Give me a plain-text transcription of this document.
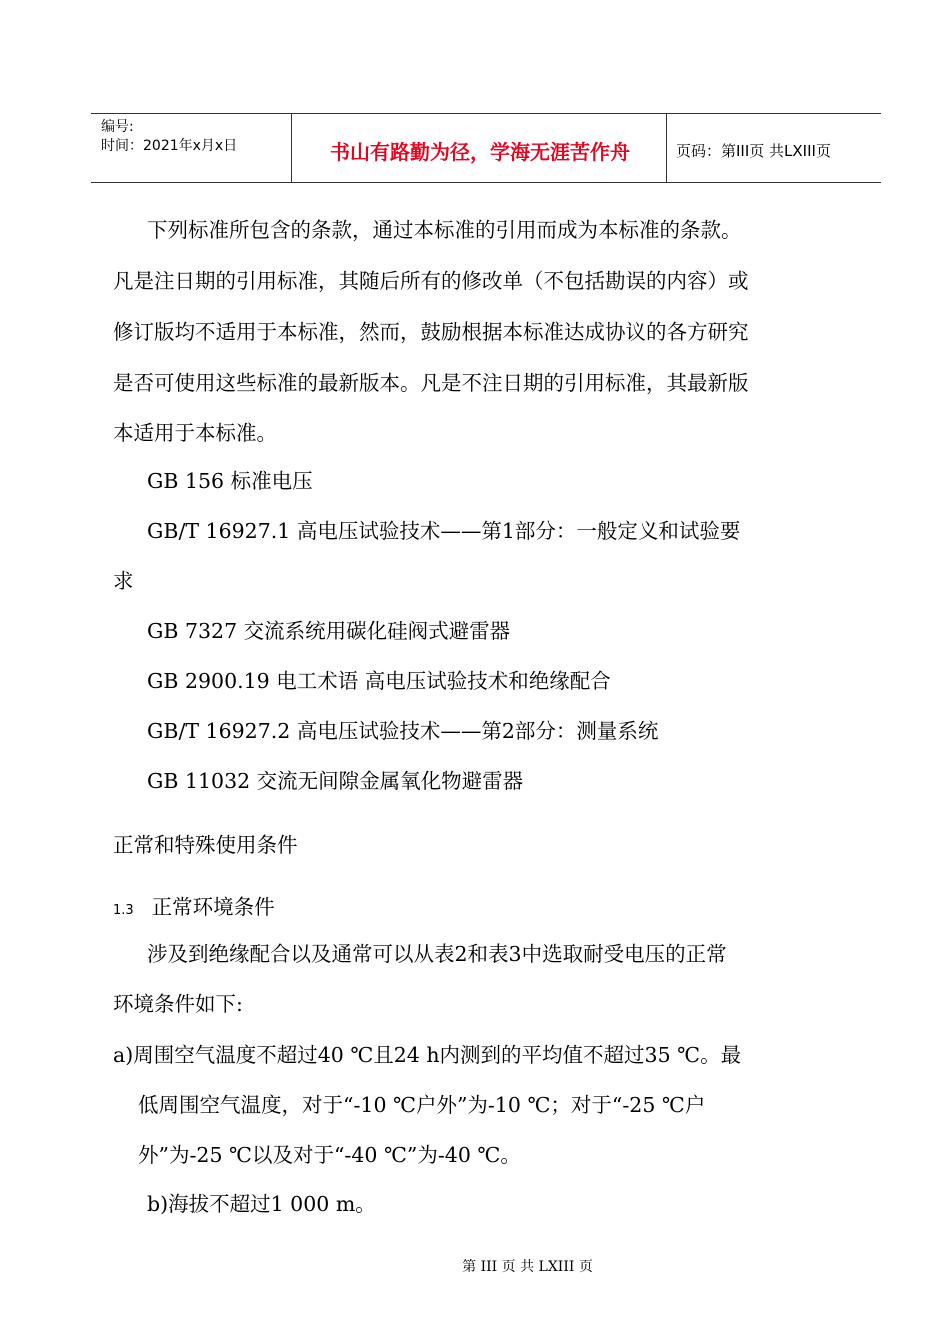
编号:
时间：2021年x月x日	书山有路勤为径，学海无涯苦作舟	页码：第III页 共LXIII页
下列标准所包含的条款，通过本标准的引用而成为本标准的条款。
凡是注日期的引用标准，其随后所有的修改单（不包括勘误的内容）或
修订版均不适用于本标准，然而，鼓励根据本标准达成协议的各方研究
是否可使用这些标准的最新版本。凡是不注日期的引用标准，其最新版
本适用于本标准。
GB 156 标准电压
GB/T 16927.1 高电压试验技术——第1部分：一般定义和试验要
求
GB 7327 交流系统用碳化硅阀式避雷器
GB 2900.19 电工术语 高电压试验技术和绝缘配合
GB/T 16927.2 高电压试验技术——第2部分：测量系统
GB 11032 交流无间隙金属氧化物避雷器
正常和特殊使用条件
1.3 正常环境条件
涉及到绝缘配合以及通常可以从表2和表3中选取耐受电压的正常
环境条件如下:
a)周围空气温度不超过40 ℃且24 h内测到的平均值不超过35 ℃。最
低周围空气温度，对于“-10 ℃户外”为-10 ℃；对于“-25 ℃户
外”为-25 ℃以及对于“-40 ℃”为-40 ℃。
b)海拔不超过1 000 m。
第 III 页 共 LXIII 页
